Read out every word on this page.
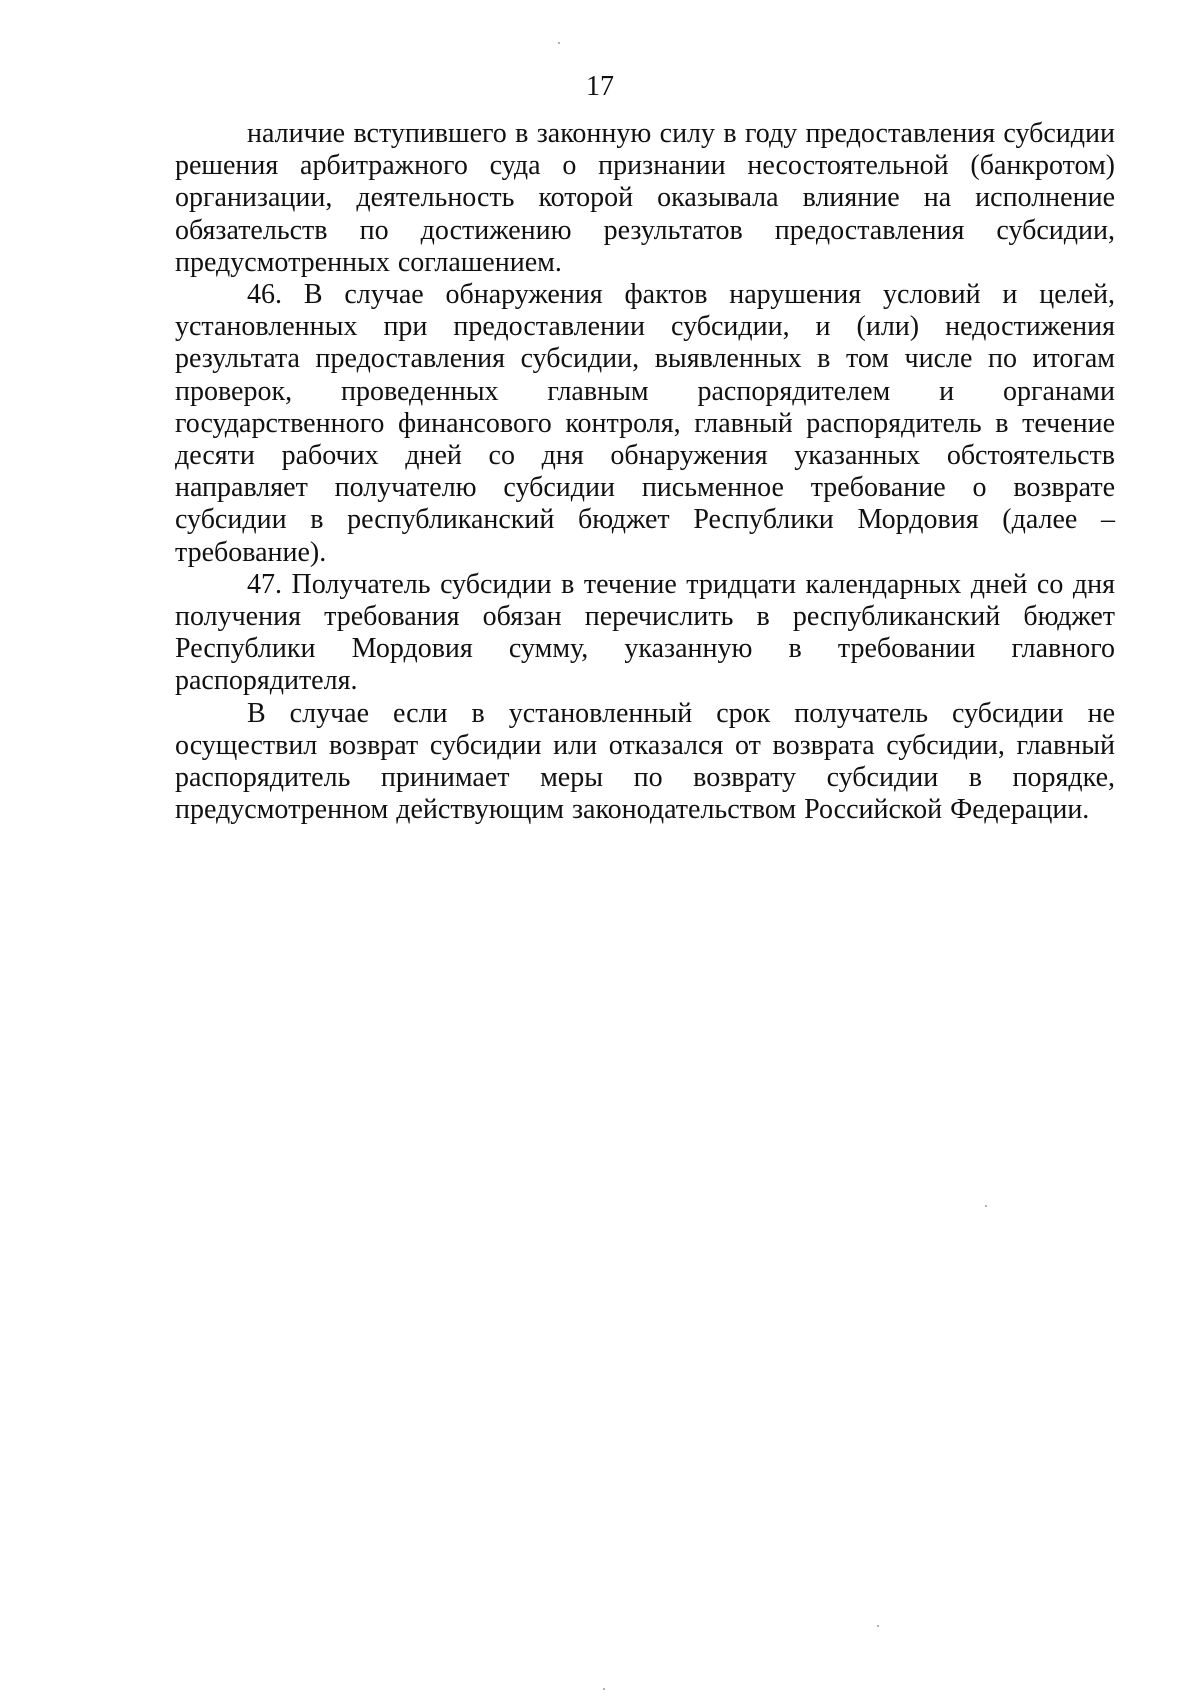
17

наличие вступившего в законную силу в году предоставления субсидии решения арбитражного суда о признании несостоятельной (банкротом) организации, деятельность которой оказывала влияние на исполнение обязательств по достижению результатов предоставления субсидии, предусмотренных соглашением.

46. В случае обнаружения фактов нарушения условий и целей, установленных при предоставлении субсидии, и (или) недостижения результата предоставления субсидии, выявленных в том числе по итогам проверок, проведенных главным распорядителем и органами государственного финансового контроля, главный распорядитель в течение десяти рабочих дней со дня обнаружения указанных обстоятельств направляет получателю субсидии письменное требование о возврате субсидии в республиканский бюджет Республики Мордовия (далее – требование).

47. Получатель субсидии в течение тридцати календарных дней со дня получения требования обязан перечислить в республиканский бюджет Республики Мордовия сумму, указанную в требовании главного распорядителя.

В случае если в установленный срок получатель субсидии не осуществил возврат субсидии или отказался от возврата субсидии, главный распорядитель принимает меры по возврату субсидии в порядке, предусмотренном действующим законодательством Российской Федерации.
